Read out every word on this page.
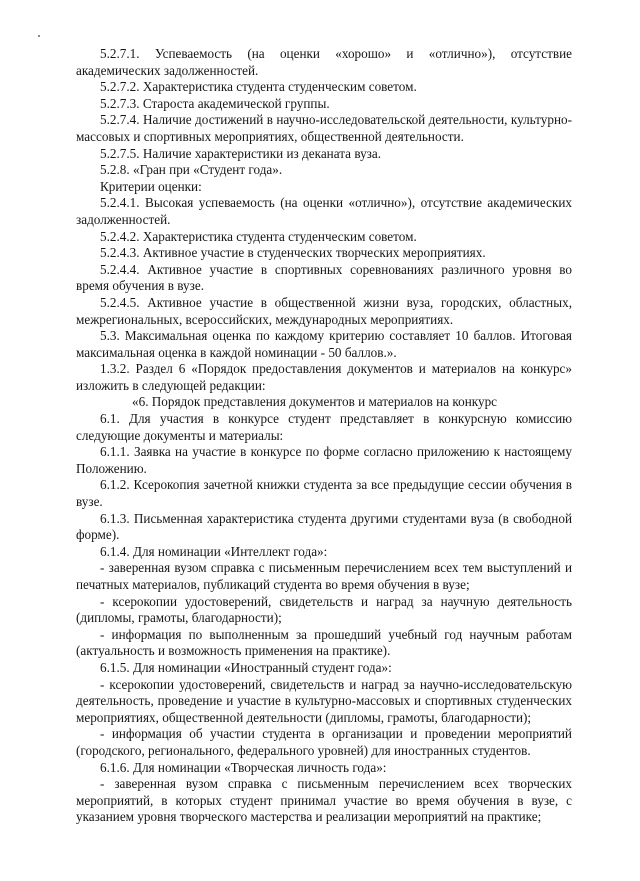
5.2.7.1. Успеваемость (на оценки «хорошо» и «отлично»), отсутствие академических задолженностей.

5.2.7.2. Характеристика студента студенческим советом.

5.2.7.3. Староста академической группы.

5.2.7.4. Наличие достижений в научно-исследовательской деятельности, культурно-массовых и спортивных мероприятиях, общественной деятельности.

5.2.7.5. Наличие характеристики из деканата вуза.

5.2.8. «Гран при «Студент года».

Критерии оценки:

5.2.4.1. Высокая успеваемость (на оценки «отлично»), отсутствие академических задолженностей.

5.2.4.2. Характеристика студента студенческим советом.

5.2.4.3. Активное участие в студенческих творческих мероприятиях.

5.2.4.4. Активное участие в спортивных соревнованиях различного уровня во время обучения в вузе.

5.2.4.5. Активное участие в общественной жизни вуза, городских, областных, межрегиональных, всероссийских, международных мероприятиях.

5.3. Максимальная оценка по каждому критерию составляет 10 баллов. Итоговая максимальная оценка в каждой номинации - 50 баллов.».

1.3.2. Раздел 6 «Порядок предоставления документов и материалов на конкурс» изложить в следующей редакции:

«6. Порядок представления документов и материалов на конкурс

6.1. Для участия в конкурсе студент представляет в конкурсную комиссию следующие документы и материалы:

6.1.1. Заявка на участие в конкурсе по форме согласно приложению к настоящему Положению.

6.1.2. Ксерокопия зачетной книжки студента за все предыдущие сессии обучения в вузе.

6.1.3. Письменная характеристика студента другими студентами вуза (в свободной форме).

6.1.4. Для номинации «Интеллект года»:

- заверенная вузом справка с письменным перечислением всех тем выступлений и печатных материалов, публикаций студента во время обучения в вузе;

- ксерокопии удостоверений, свидетельств и наград за научную деятельность (дипломы, грамоты, благодарности);

- информация по выполненным за прошедший учебный год научным работам (актуальность и возможность применения на практике).

6.1.5. Для номинации «Иностранный студент года»:

- ксерокопии удостоверений, свидетельств и наград за научно-исследовательскую деятельность, проведение и участие в культурно-массовых и спортивных студенческих мероприятиях, общественной деятельности (дипломы, грамоты, благодарности);

- информация об участии студента в организации и проведении мероприятий (городского, регионального, федерального уровней) для иностранных студентов.

6.1.6. Для номинации «Творческая личность года»:

- заверенная вузом справка с письменным перечислением всех творческих мероприятий, в которых студент принимал участие во время обучения в вузе, с указанием уровня творческого мастерства и реализации мероприятий на практике;
